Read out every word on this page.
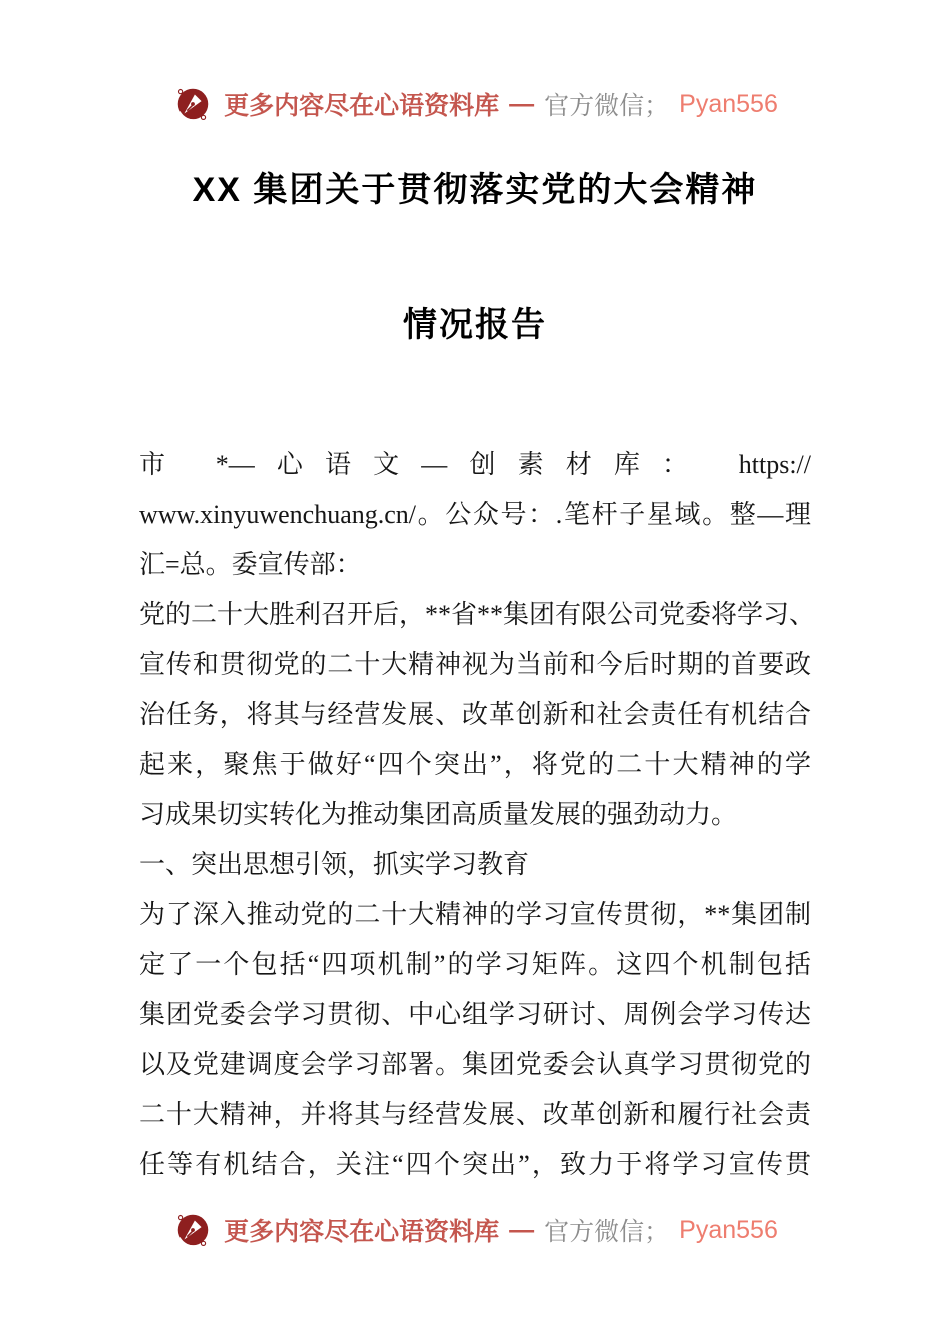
更多内容尽在心语资料库 — 官方微信； Pyan556
XX 集团关于贯彻落实党的大会精神
情况报告
市 *—心语文—创素材库： https://
www.xinyuwenchuang.cn/。公众号：.笔杆子星域。整—理
汇=总。委宣传部：
党的二十大胜利召开后，**省**集团有限公司党委将学习、
宣传和贯彻党的二十大精神视为当前和今后时期的首要政
治任务，将其与经营发展、改革创新和社会责任有机结合
起来，聚焦于做好“四个突出”，将党的二十大精神的学
习成果切实转化为推动集团高质量发展的强劲动力。
一、突出思想引领，抓实学习教育
为了深入推动党的二十大精神的学习宣传贯彻，**集团制
定了一个包括“四项机制”的学习矩阵。这四个机制包括
集团党委会学习贯彻、中心组学习研讨、周例会学习传达
以及党建调度会学习部署。集团党委会认真学习贯彻党的
二十大精神，并将其与经营发展、改革创新和履行社会责
任等有机结合，关注“四个突出”，致力于将学习宣传贯
更多内容尽在心语资料库 — 官方微信； Pyan556
